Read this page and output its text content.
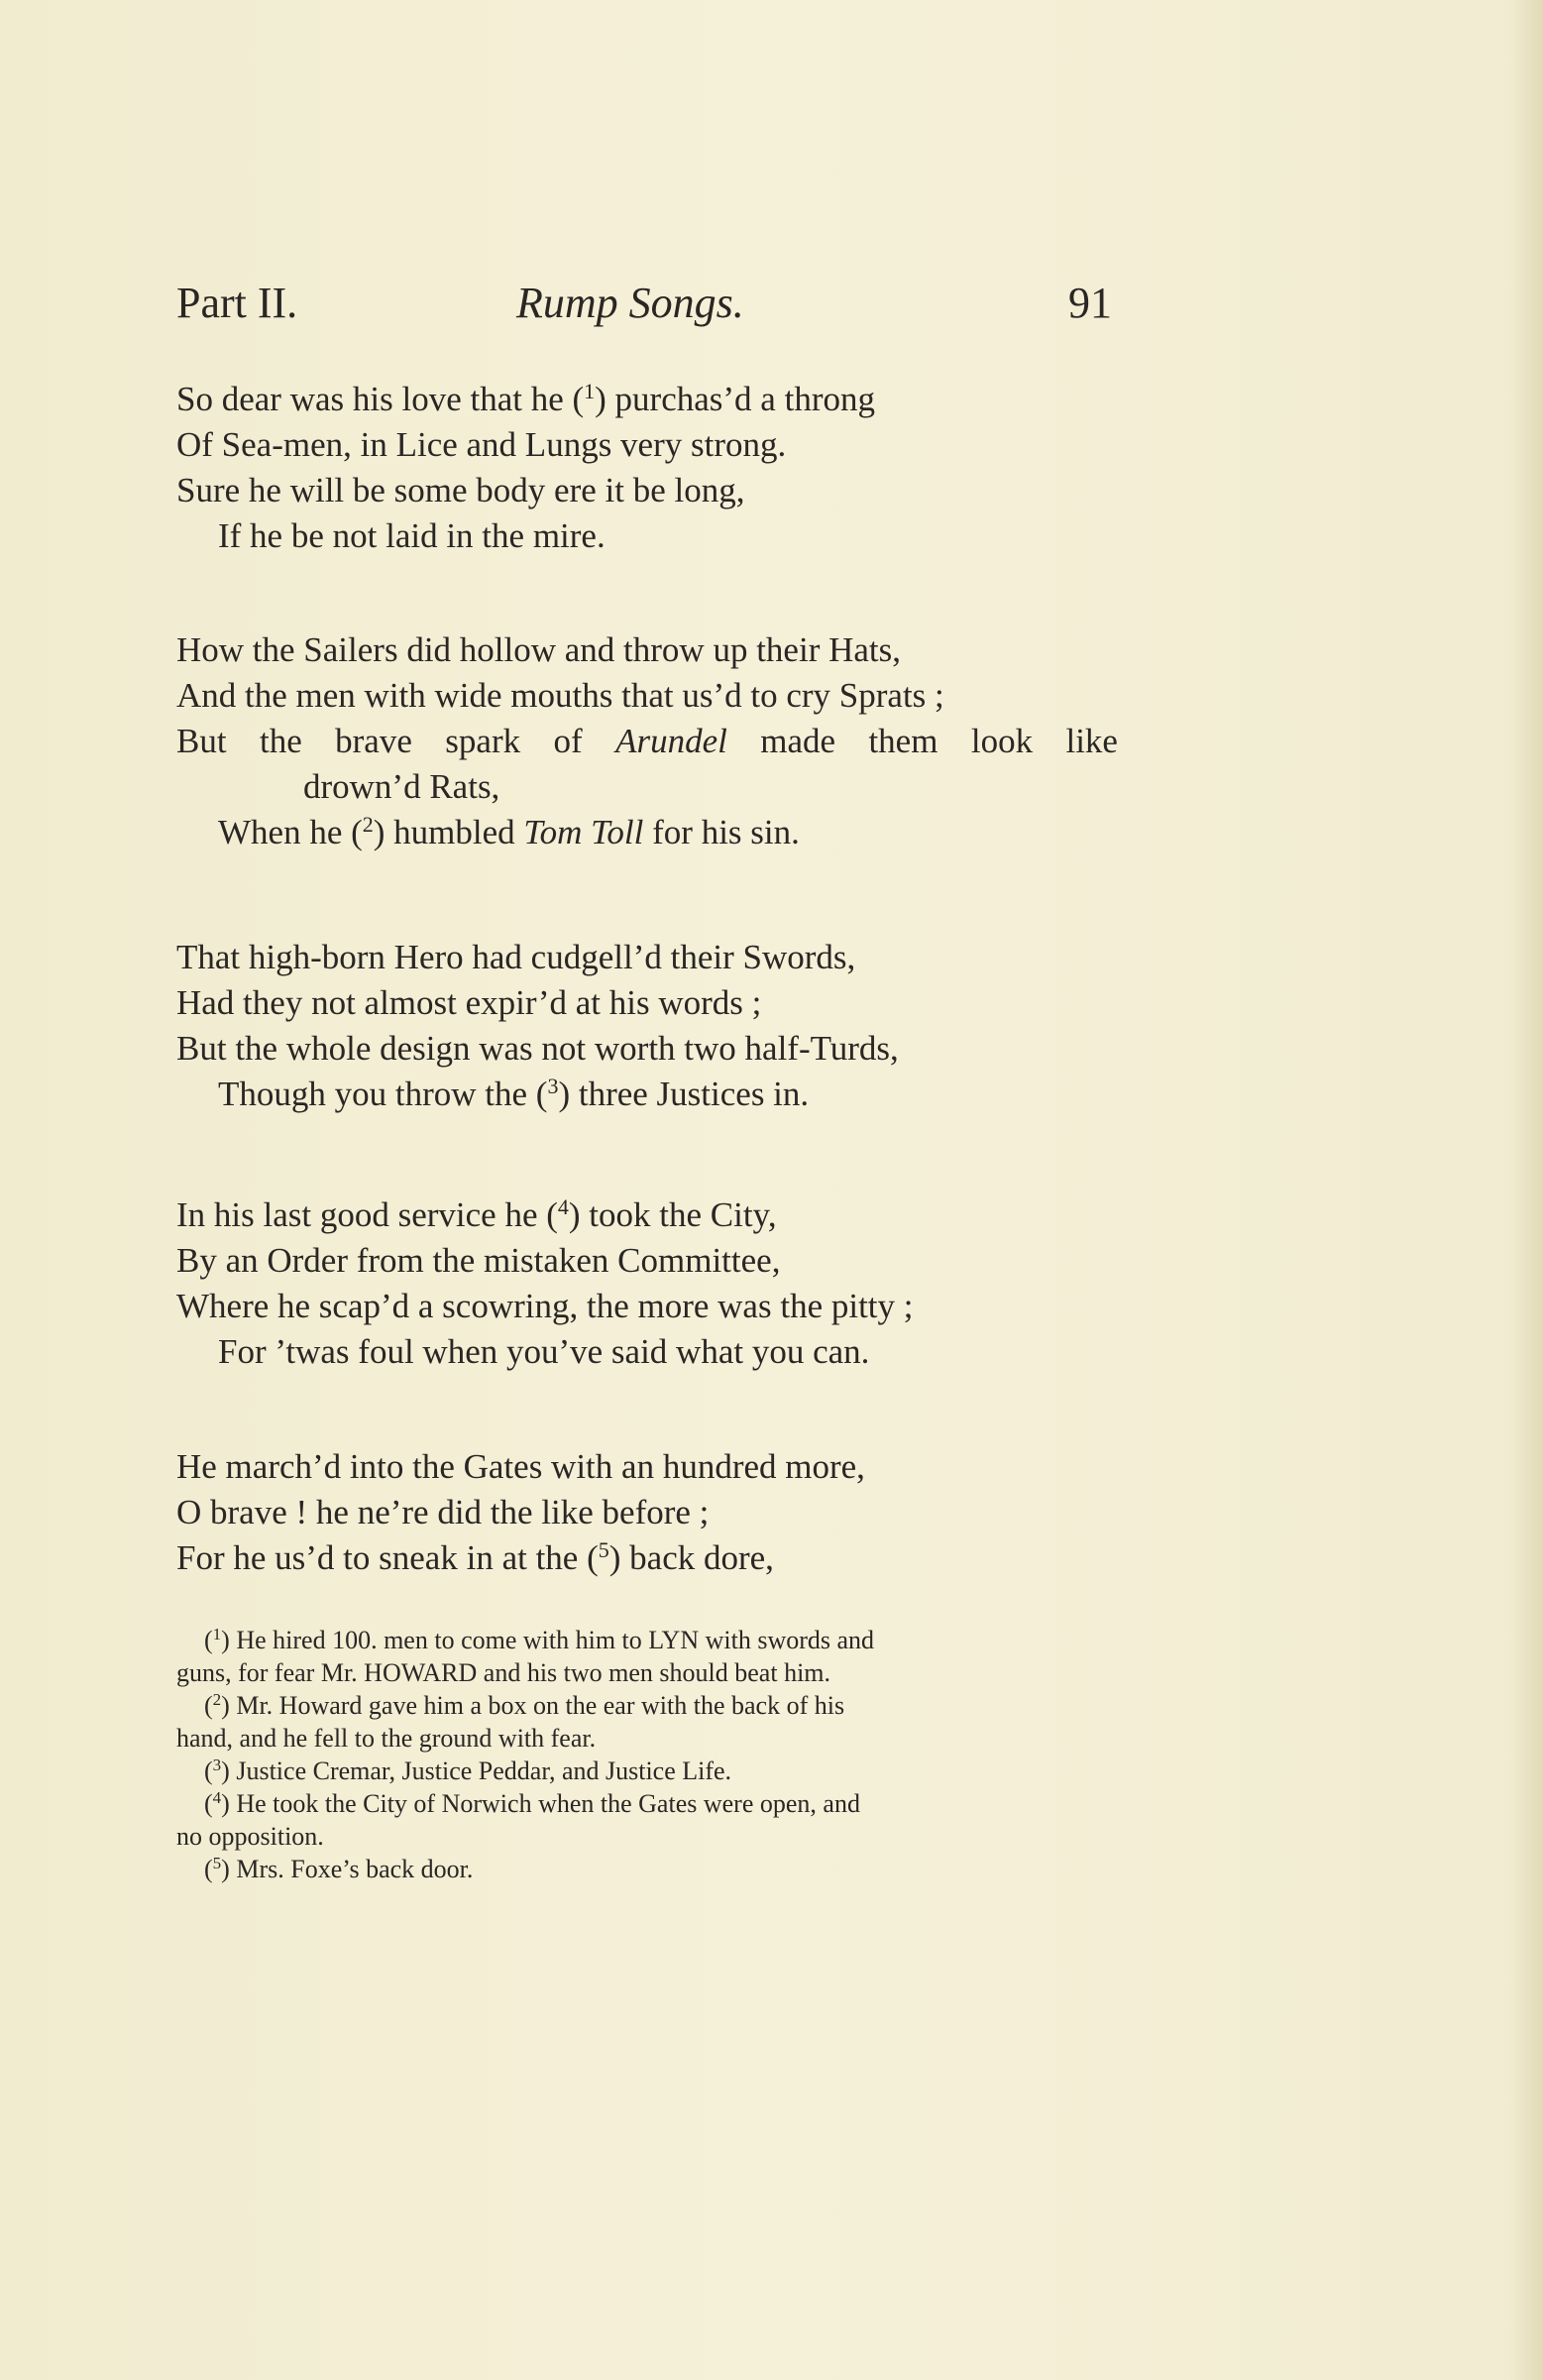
Part II.	Rump Songs.	91
So dear was his love that he ($^1$) purchas’d a throng
Of Sea-men, in Lice and Lungs very strong.
Sure he will be some body ere it be long,
If he be not laid in the mire.
How the Sailers did hollow and throw up their Hats,
And the men with wide mouths that us’d to cry Sprats ;
But the brave spark of Arundel made them look like
drown’d Rats,
When he ($^2$) humbled Tom Toll for his sin.
That high-born Hero had cudgell’d their Swords,
Had they not almost expir’d at his words ;
But the whole design was not worth two half-Turds,
Though you throw the ($^3$) three Justices in.
In his last good service he ($^4$) took the City,
By an Order from the mistaken Committee,
Where he scap’d a scowring, the more was the pitty ;
For ’twas foul when you’ve said what you can.
He march’d into the Gates with an hundred more,
O brave ! he ne’re did the like before ;
For he us’d to sneak in at the ($^5$) back dore,
($^1$) He hired 100. men to come with him to LYN with swords and
guns, for fear Mr. HOWARD and his two men should beat him.
($^2$) Mr. Howard gave him a box on the ear with the back of his
hand, and he fell to the ground with fear.
($^3$) Justice Cremar, Justice Peddar, and Justice Life.
($^4$) He took the City of Norwich when the Gates were open, and
no opposition.
($^5$) Mrs. Foxe’s back door.
